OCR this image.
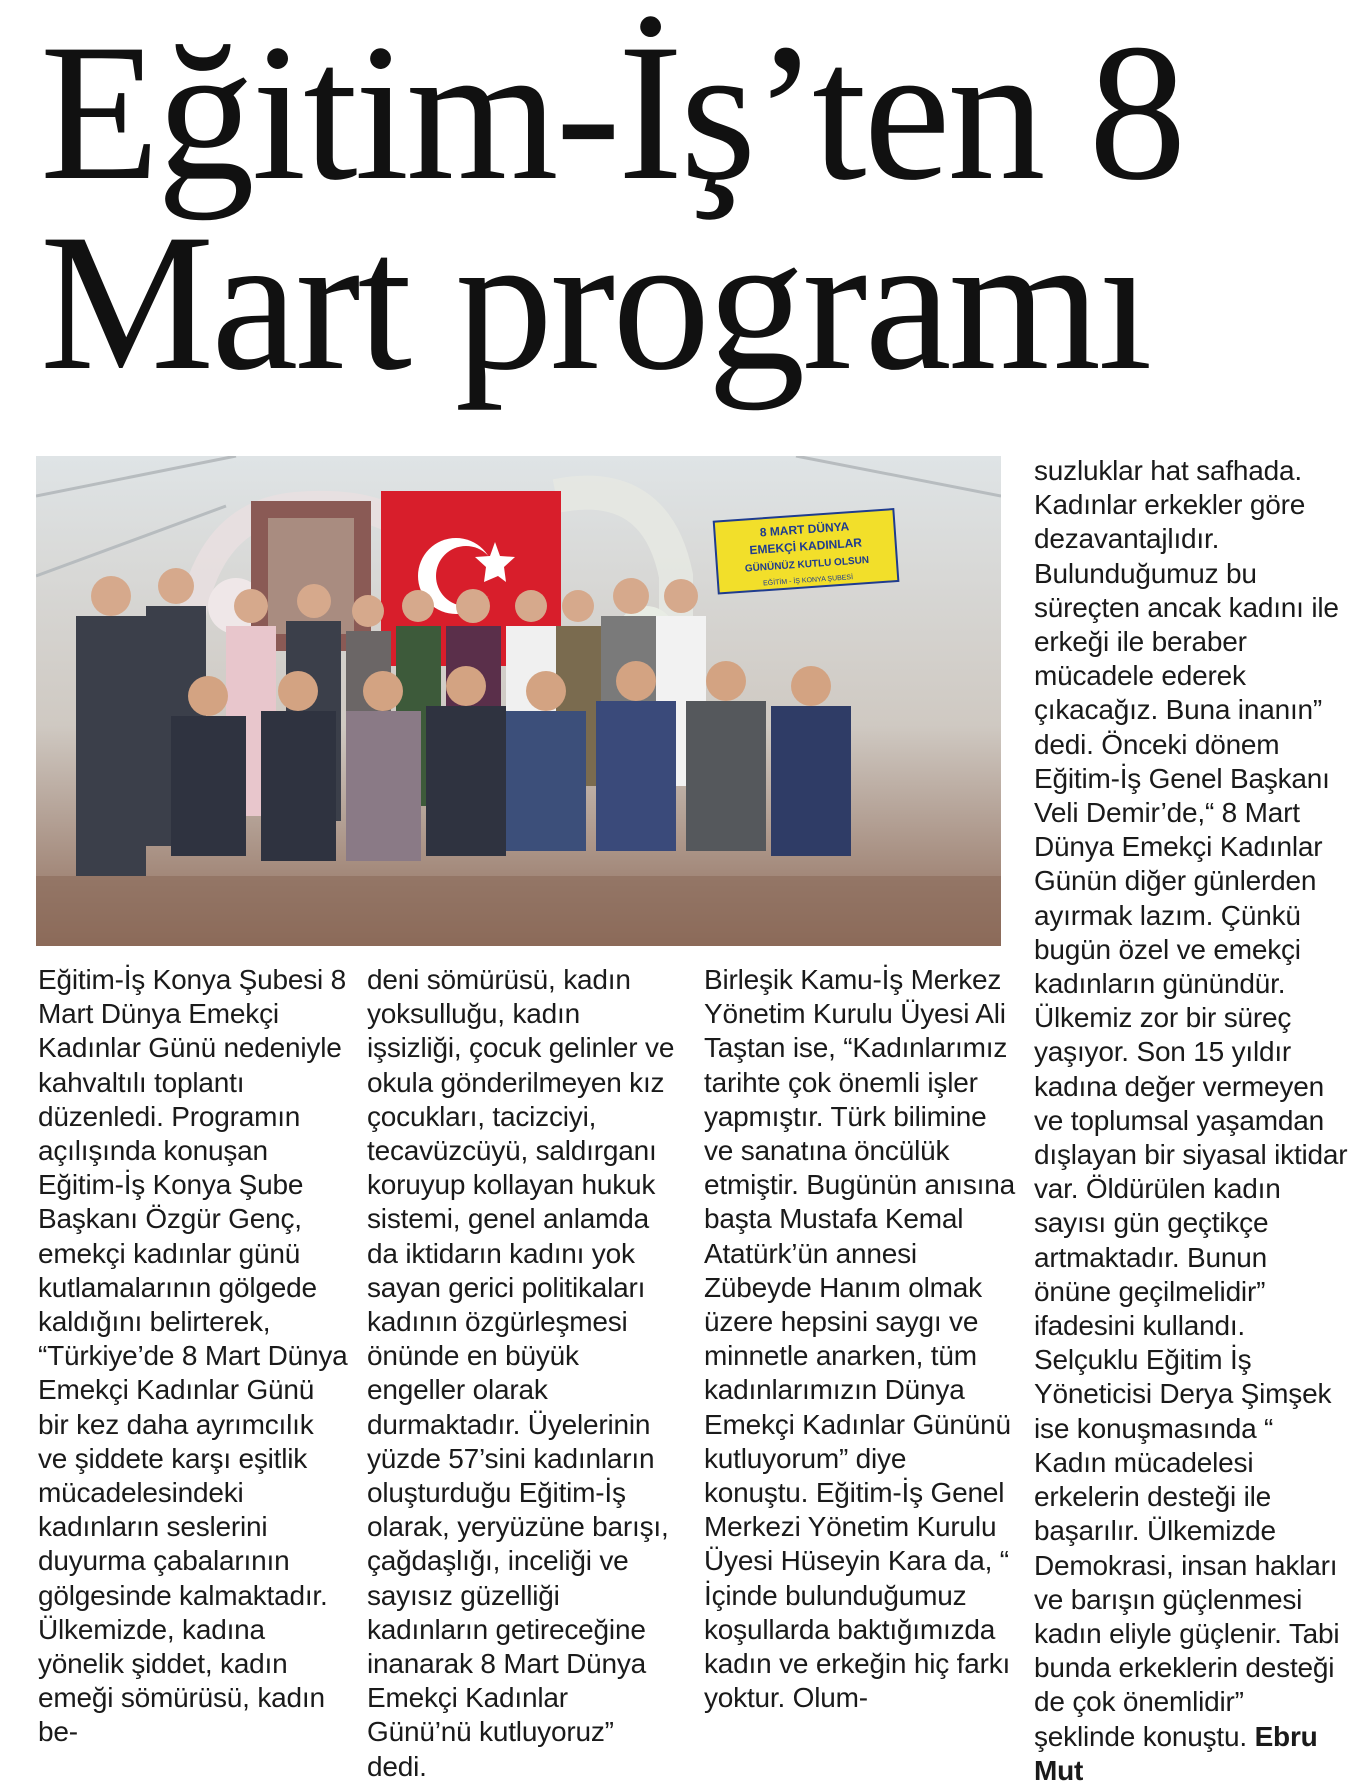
Eğitim-İş’ten 8
Mart programı
8 MART DÜNYA
EMEKÇİ KADINLAR
GÜNÜNÜZ KUTLU OLSUN
EĞİTİM - İŞ KONYA ŞUBESİ

Eğitim-İş Konya Şubesi 8 Mart Dünya Emekçi Kadınlar Günü nedeniyle kahvaltılı toplantı düzenledi. Programın açılışında konuşan Eğitim-İş Konya Şube Başkanı Özgür Genç, emekçi kadınlar günü kutlamalarının gölgede kaldığını belirterek, “Türkiye’de 8 Mart Dünya Emekçi Kadınlar Günü bir kez daha ayrımcılık ve şiddete karşı eşitlik mücadelesindeki kadınların seslerini duyurma çabalarının gölgesinde kalmaktadır. Ülkemizde, kadına yönelik şiddet, kadın emeği sömürüsü, kadın be-

deni sömürüsü, kadın yoksulluğu, kadın işsizliği, çocuk gelinler ve okula gönderilmeyen kız çocukları, tacizciyi, tecavüzcüyü, saldırganı koruyup kollayan hukuk sistemi, genel anlamda da iktidarın kadını yok sayan gerici politikaları kadının özgürleşmesi önünde en büyük engeller olarak durmaktadır. Üyelerinin yüzde 57’sini kadınların oluşturduğu Eğitim-İş olarak, yeryüzüne barışı, çağdaşlığı, inceliği ve sayısız güzelliği kadınların getireceğine inanarak 8 Mart Dünya Emekçi Kadınlar Günü’nü kutluyoruz” dedi.

Birleşik Kamu-İş Merkez Yönetim Kurulu Üyesi Ali Taştan ise, “Kadınlarımız tarihte çok önemli işler yapmıştır. Türk bilimine ve sanatına öncülük etmiştir. Bugünün anısına başta Mustafa Kemal Atatürk’ün annesi Zübeyde Hanım olmak üzere hepsini saygı ve minnetle anarken, tüm kadınlarımızın Dünya Emekçi Kadınlar Gününü kutluyorum” diye konuştu. Eğitim-İş Genel Merkezi Yönetim Kurulu Üyesi Hüseyin Kara da, “ İçinde bulunduğumuz koşullarda baktığımızda kadın ve erkeğin hiç farkı yoktur. Olum-

suzluklar hat safhada. Kadınlar erkekler göre dezavantajlıdır. Bulunduğumuz bu süreçten ancak kadını ile erkeği ile beraber mücadele ederek çıkacağız. Buna inanın” dedi. Önceki dönem Eğitim-İş Genel Başkanı Veli Demir’de,“ 8 Mart Dünya Emekçi Kadınlar Günün diğer günlerden ayırmak lazım. Çünkü bugün özel ve emekçi kadınların günündür. Ülkemiz zor bir süreç yaşıyor. Son 15 yıldır kadına değer vermeyen ve toplumsal yaşamdan dışlayan bir siyasal iktidar var. Öldürülen kadın sayısı gün geçtikçe artmaktadır. Bunun önüne geçilmelidir” ifadesini kullandı. Selçuklu Eğitim İş Yöneticisi Derya Şimşek ise konuşmasında “ Kadın mücadelesi erkelerin desteği ile başarılır. Ülkemizde Demokrasi, insan hakları ve barışın güçlenmesi kadın eliyle güçlenir. Tabi bunda erkeklerin desteği de çok önemlidir” şeklinde konuştu. Ebru Mut
